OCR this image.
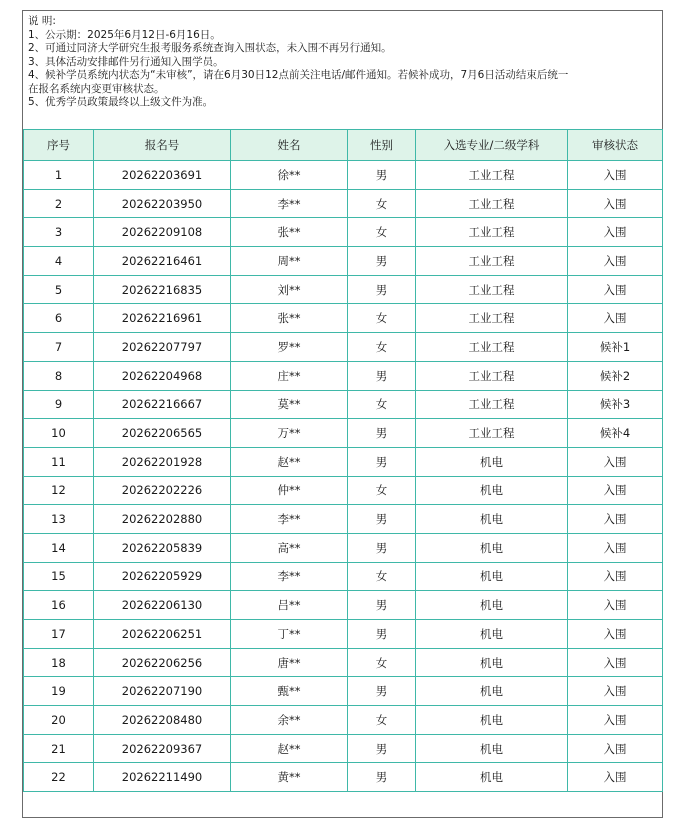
说 明:
1、公示期：2025年6月12日-6月16日。
2、可通过同济大学研究生报考服务系统查询入围状态，未入围不再另行通知。
3、具体活动安排邮件另行通知入围学员。
4、候补学员系统内状态为“未审核”，请在6月30日12点前关注电话/邮件通知。若候补成功，7月6日活动结束后统一
在报名系统内变更审核状态。
5、优秀学员政策最终以上级文件为准。
序号	报名号	姓名	性别	入选专业/二级学科	审核状态
1	20262203691	徐**	男	工业工程	入围
2	20262203950	李**	女	工业工程	入围
3	20262209108	张**	女	工业工程	入围
4	20262216461	周**	男	工业工程	入围
5	20262216835	刘**	男	工业工程	入围
6	20262216961	张**	女	工业工程	入围
7	20262207797	罗**	女	工业工程	候补1
8	20262204968	庄**	男	工业工程	候补2
9	20262216667	莫**	女	工业工程	候补3
10	20262206565	万**	男	工业工程	候补4
11	20262201928	赵**	男	机电	入围
12	20262202226	仲**	女	机电	入围
13	20262202880	李**	男	机电	入围
14	20262205839	高**	男	机电	入围
15	20262205929	李**	女	机电	入围
16	20262206130	吕**	男	机电	入围
17	20262206251	丁**	男	机电	入围
18	20262206256	唐**	女	机电	入围
19	20262207190	甄**	男	机电	入围
20	20262208480	余**	女	机电	入围
21	20262209367	赵**	男	机电	入围
22	20262211490	黄**	男	机电	入围
